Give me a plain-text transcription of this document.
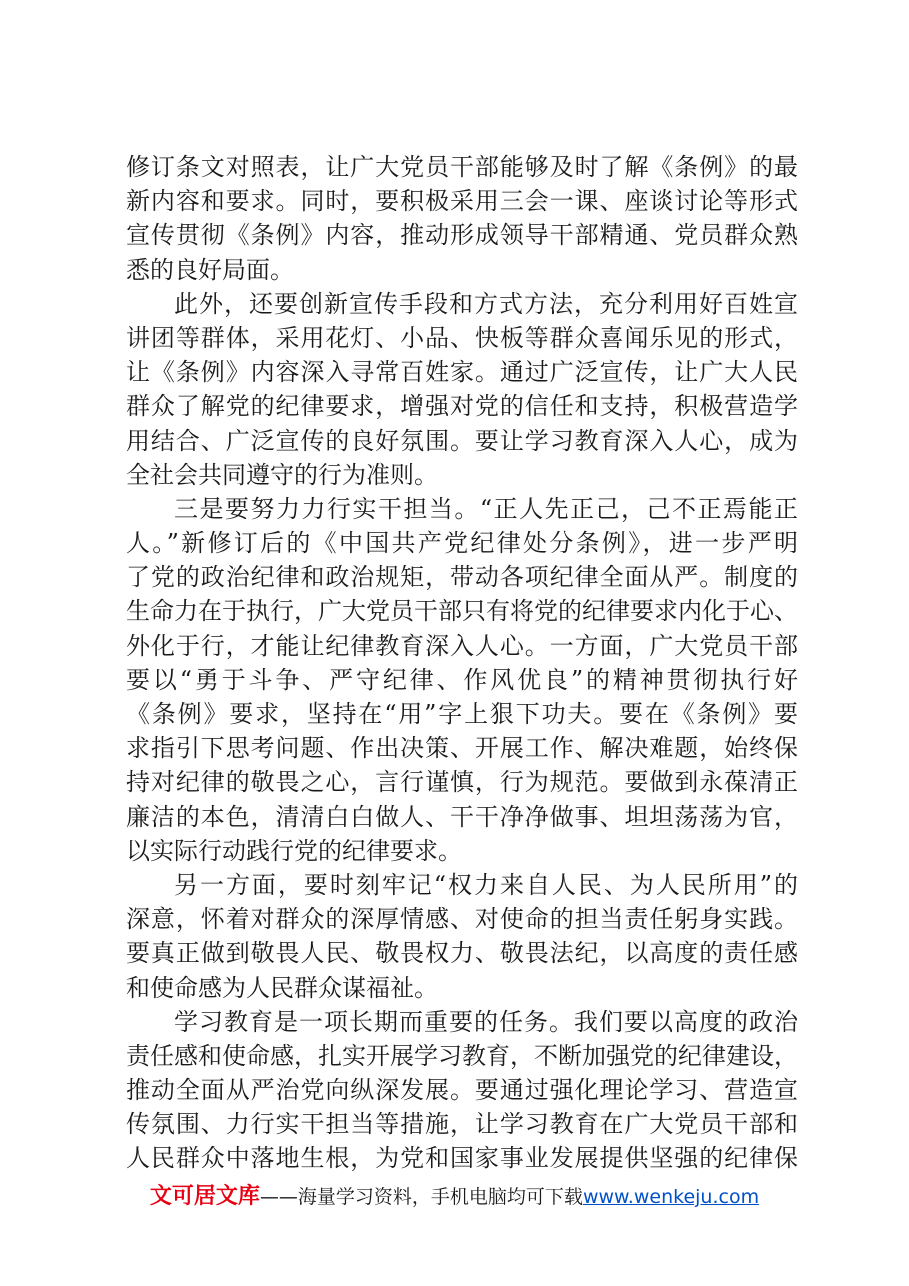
修订条文对照表，让广大党员干部能够及时了解《条例》的最
新内容和要求。同时，要积极采用三会一课、座谈讨论等形式
宣传贯彻《条例》内容，推动形成领导干部精通、党员群众熟
悉的良好局面。
此外，还要创新宣传手段和方式方法，充分利用好百姓宣
讲团等群体，采用花灯、小品、快板等群众喜闻乐见的形式，
让《条例》内容深入寻常百姓家。通过广泛宣传，让广大人民
群众了解党的纪律要求，增强对党的信任和支持，积极营造学
用结合、广泛宣传的良好氛围。要让学习教育深入人心，成为
全社会共同遵守的行为准则。
三是要努力力行实干担当。“正人先正己，己不正焉能正
人。”新修订后的《中国共产党纪律处分条例》，进一步严明
了党的政治纪律和政治规矩，带动各项纪律全面从严。制度的
生命力在于执行，广大党员干部只有将党的纪律要求内化于心、
外化于行，才能让纪律教育深入人心。一方面，广大党员干部
要以“勇于斗争、严守纪律、作风优良”的精神贯彻执行好
《条例》要求，坚持在“用”字上狠下功夫。要在《条例》要
求指引下思考问题、作出决策、开展工作、解决难题，始终保
持对纪律的敬畏之心，言行谨慎，行为规范。要做到永葆清正
廉洁的本色，清清白白做人、干干净净做事、坦坦荡荡为官，
以实际行动践行党的纪律要求。
另一方面，要时刻牢记“权力来自人民、为人民所用”的
深意，怀着对群众的深厚情感、对使命的担当责任躬身实践。
要真正做到敬畏人民、敬畏权力、敬畏法纪，以高度的责任感
和使命感为人民群众谋福祉。
学习教育是一项长期而重要的任务。我们要以高度的政治
责任感和使命感，扎实开展学习教育，不断加强党的纪律建设，
推动全面从严治党向纵深发展。要通过强化理论学习、营造宣
传氛围、力行实干担当等措施，让学习教育在广大党员干部和
人民群众中落地生根，为党和国家事业发展提供坚强的纪律保
文可居文库——海量学习资料，手机电脑均可下载www.wenkeju.com
